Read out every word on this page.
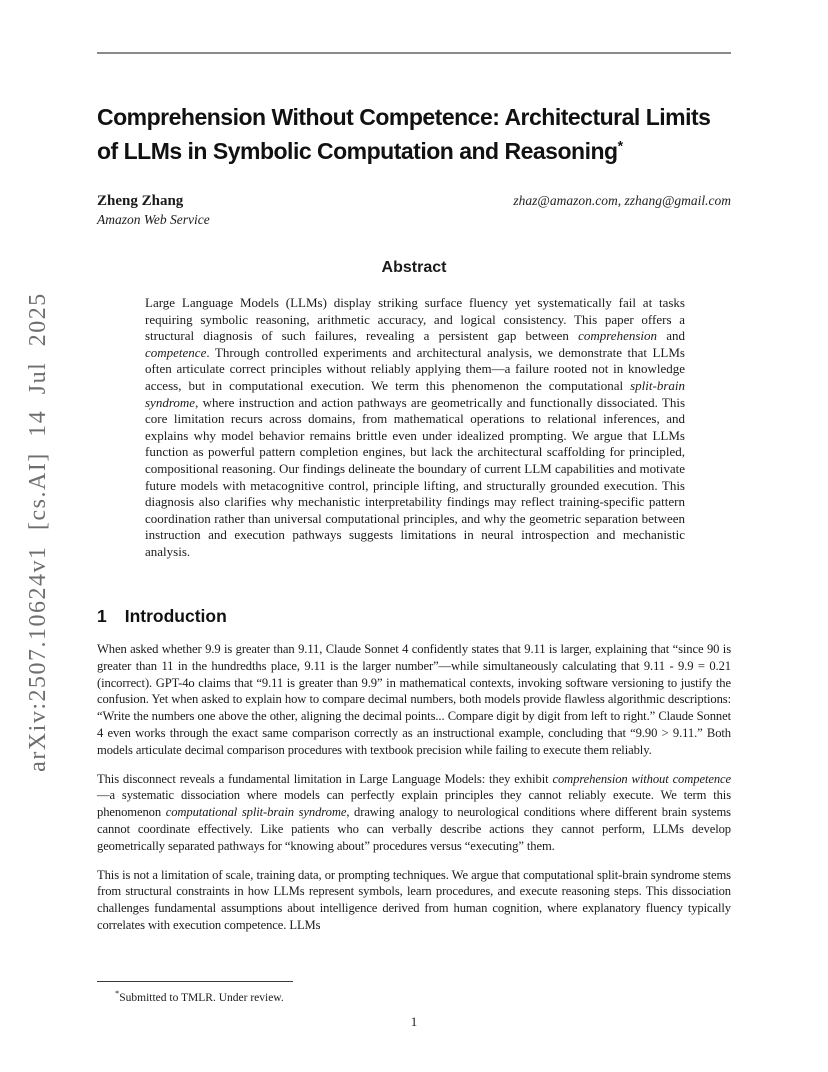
arXiv:2507.10624v1 [cs.AI] 14 Jul 2025
Comprehension Without Competence: Architectural Limits
of LLMs in Symbolic Computation and Reasoning*
Zheng Zhang	zhaz@amazon.com, zzhang@gmail.com
Amazon Web Service
Abstract
Large Language Models (LLMs) display striking surface fluency yet systematically fail at tasks requiring symbolic reasoning, arithmetic accuracy, and logical consistency. This paper offers a structural diagnosis of such failures, revealing a persistent gap between comprehension and competence. Through controlled experiments and architectural analysis, we demonstrate that LLMs often articulate correct principles without reliably applying them—a failure rooted not in knowledge access, but in computational execution. We term this phenomenon the computational split-brain syndrome, where instruction and action pathways are geometrically and functionally dissociated. This core limitation recurs across domains, from mathematical operations to relational inferences, and explains why model behavior remains brittle even under idealized prompting. We argue that LLMs function as powerful pattern completion engines, but lack the architectural scaffolding for principled, compositional reasoning. Our findings delineate the boundary of current LLM capabilities and motivate future models with metacognitive control, principle lifting, and structurally grounded execution. This diagnosis also clarifies why mechanistic interpretability findings may reflect training-specific pattern coordination rather than universal computational principles, and why the geometric separation between instruction and execution pathways suggests limitations in neural introspection and mechanistic analysis.
1 Introduction

When asked whether 9.9 is greater than 9.11, Claude Sonnet 4 confidently states that 9.11 is larger, explaining that “since 90 is greater than 11 in the hundredths place, 9.11 is the larger number”—while simultaneously calculating that 9.11 - 9.9 = 0.21 (incorrect). GPT-4o claims that “9.11 is greater than 9.9” in mathematical contexts, invoking software versioning to justify the confusion. Yet when asked to explain how to compare decimal numbers, both models provide flawless algorithmic descriptions: “Write the numbers one above the other, aligning the decimal points... Compare digit by digit from left to right.” Claude Sonnet 4 even works through the exact same comparison correctly as an instructional example, concluding that “9.90 > 9.11.” Both models articulate decimal comparison procedures with textbook precision while failing to execute them reliably.

This disconnect reveals a fundamental limitation in Large Language Models: they exhibit comprehension without competence—a systematic dissociation where models can perfectly explain principles they cannot reliably execute. We term this phenomenon computational split-brain syndrome, drawing analogy to neurological conditions where different brain systems cannot coordinate effectively. Like patients who can verbally describe actions they cannot perform, LLMs develop geometrically separated pathways for “knowing about” procedures versus “executing” them.

This is not a limitation of scale, training data, or prompting techniques. We argue that computational split-brain syndrome stems from structural constraints in how LLMs represent symbols, learn procedures, and execute reasoning steps. This dissociation challenges fundamental assumptions about intelligence derived from human cognition, where explanatory fluency typically correlates with execution competence. LLMs

*Submitted to TMLR. Under review.
1
